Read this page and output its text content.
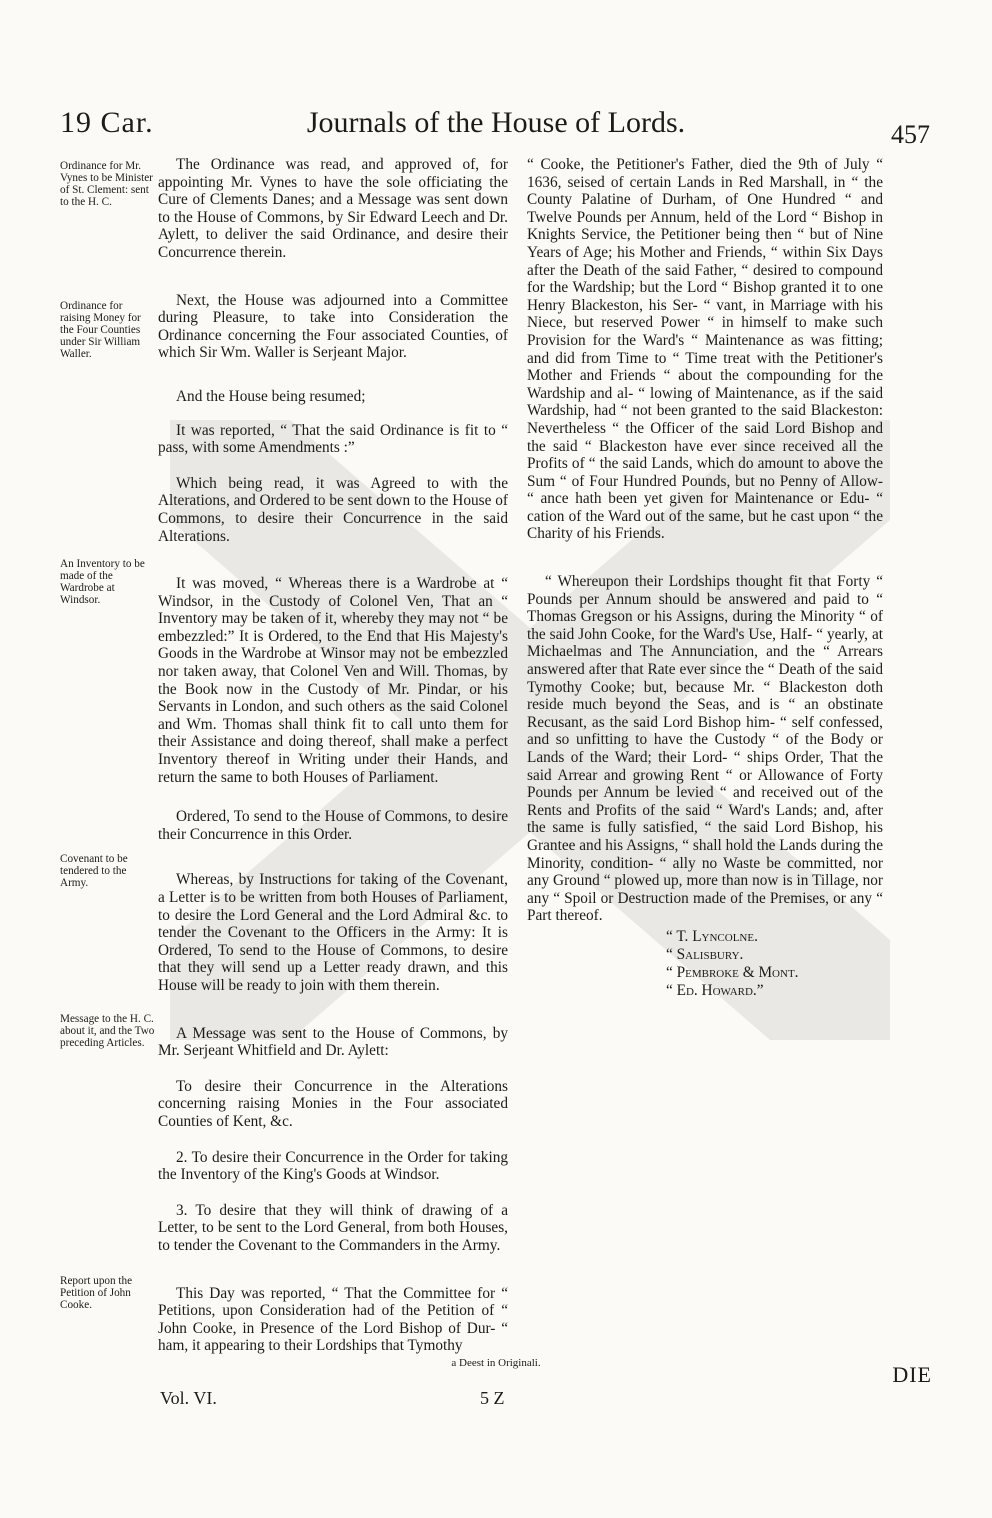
19 Car.	Journals of the House of Lords.	457
Ordinance for Mr. Vynes to be Minister of St. Clement: sent to the H. C.
Ordinance for raising Money for the Four Counties under Sir William Waller.
An Inventory to be made of the Wardrobe at Windsor.
Covenant to be tendered to the Army.
Message to the H. C. about it, and the Two preceding Articles.
Report upon the Petition of John Cooke.

The Ordinance was read, and approved of, for appointing Mr. Vynes to have the sole officiating the Cure of Clements Danes; and a Message was sent down to the House of Commons, by Sir Edward Leech and Dr. Aylett, to deliver the said Ordinance, and desire their Concurrence therein.

Next, the House was adjourned into a Committee during Pleasure, to take into Consideration the Ordinance concerning the Four associated Counties, of which Sir Wm. Waller is Serjeant Major.

And the House being resumed;

It was reported, “ That the said Ordinance is fit to “ pass, with some Amendments :”

Which being read, it was Agreed to with the Alterations, and Ordered to be sent down to the House of Commons, to desire their Concurrence in the said Alterations.

It was moved, “ Whereas there is a Wardrobe at “ Windsor, in the Custody of Colonel Ven, That an “ Inventory may be taken of it, whereby they may not “ be embezzled:” It is Ordered, to the End that His Majesty's Goods in the Wardrobe at Winsor may not be embezzled nor taken away, that Colonel Ven and Will. Thomas, by the Book now in the Custody of Mr. Pindar, or his Servants in London, and such others as the said Colonel and Wm. Thomas shall think fit to call unto them for their Assistance and doing thereof, shall make a perfect Inventory thereof in Writing under their Hands, and return the same to both Houses of Parliament.

Ordered, To send to the House of Commons, to desire their Concurrence in this Order.

Whereas, by Instructions for taking of the Covenant, a Letter is to be written from both Houses of Parliament, to desire the Lord General and the Lord Admiral &c. to tender the Covenant to the Officers in the Army: It is Ordered, To send to the House of Commons, to desire that they will send up a Letter ready drawn, and this House will be ready to join with them therein.

A Message was sent to the House of Commons, by Mr. Serjeant Whitfield and Dr. Aylett:

To desire their Concurrence in the Alterations concerning raising Monies in the Four associated Counties of Kent, &c.

2. To desire their Concurrence in the Order for taking the Inventory of the King's Goods at Windsor.

3. To desire that they will think of drawing of a Letter, to be sent to the Lord General, from both Houses, to tender the Covenant to the Commanders in the Army.

This Day was reported, “ That the Committee for “ Petitions, upon Consideration had of the Petition of “ John Cooke, in Presence of the Lord Bishop of Dur- “ ham, it appearing to their Lordships that Tymothy

“ Cooke, the Petitioner's Father, died the 9th of July “ 1636, seised of certain Lands in Red Marshall, in “ the County Palatine of Durham, of One Hundred “ and Twelve Pounds per Annum, held of the Lord “ Bishop in Knights Service, the Petitioner being then “ but of Nine Years of Age; his Mother and Friends, “ within Six Days after the Death of the said Father, “ desired to compound for the Wardship; but the Lord “ Bishop granted it to one Henry Blackeston, his Ser- “ vant, in Marriage with his Niece, but reserved Power “ in himself to make such Provision for the Ward's “ Maintenance as was fitting; and did from Time to “ Time treat with the Petitioner's Mother and Friends “ about the compounding for the Wardship and al- “ lowing of Maintenance, as if the said Wardship, had “ not been granted to the said Blackeston: Nevertheless “ the Officer of the said Lord Bishop and the said “ Blackeston have ever since received all the Profits of “ the said Lands, which do amount to above the Sum “ of Four Hundred Pounds, but no Penny of Allow- “ ance hath been yet given for Maintenance or Edu- “ cation of the Ward out of the same, but he cast upon “ the Charity of his Friends.

“ Whereupon their Lordships thought fit that Forty “ Pounds per Annum should be answered and paid to “ Thomas Gregson or his Assigns, during the Minority “ of the said John Cooke, for the Ward's Use, Half- “ yearly, at Michaelmas and The Annunciation, and the “ Arrears answered after that Rate ever since the “ Death of the said Tymothy Cooke; but, because Mr. “ Blackeston doth reside much beyond the Seas, and is “ an obstinate Recusant, as the said Lord Bishop him- “ self confessed, and so unfitting to have the Custody “ of the Body or Lands of the Ward; their Lord- “ ships Order, That the said Arrear and growing Rent “ or Allowance of Forty Pounds per Annum be levied “ and received out of the Rents and Profits of the said “ Ward's Lands; and, after the same is fully satisfied, “ the said Lord Bishop, his Grantee and his Assigns, “ shall hold the Lands during the Minority, condition- “ ally no Waste be committed, nor any Ground “ plowed up, more than now is in Tillage, nor any “ Spoil or Destruction made of the Premises, or any “ Part thereof.

“ T. Lyncolne.
“ Salisbury.
“ Pembroke & Mont.
“ Ed. Howard.”
a Deest in Originali.
Vol. VI.	5 Z
DIE
